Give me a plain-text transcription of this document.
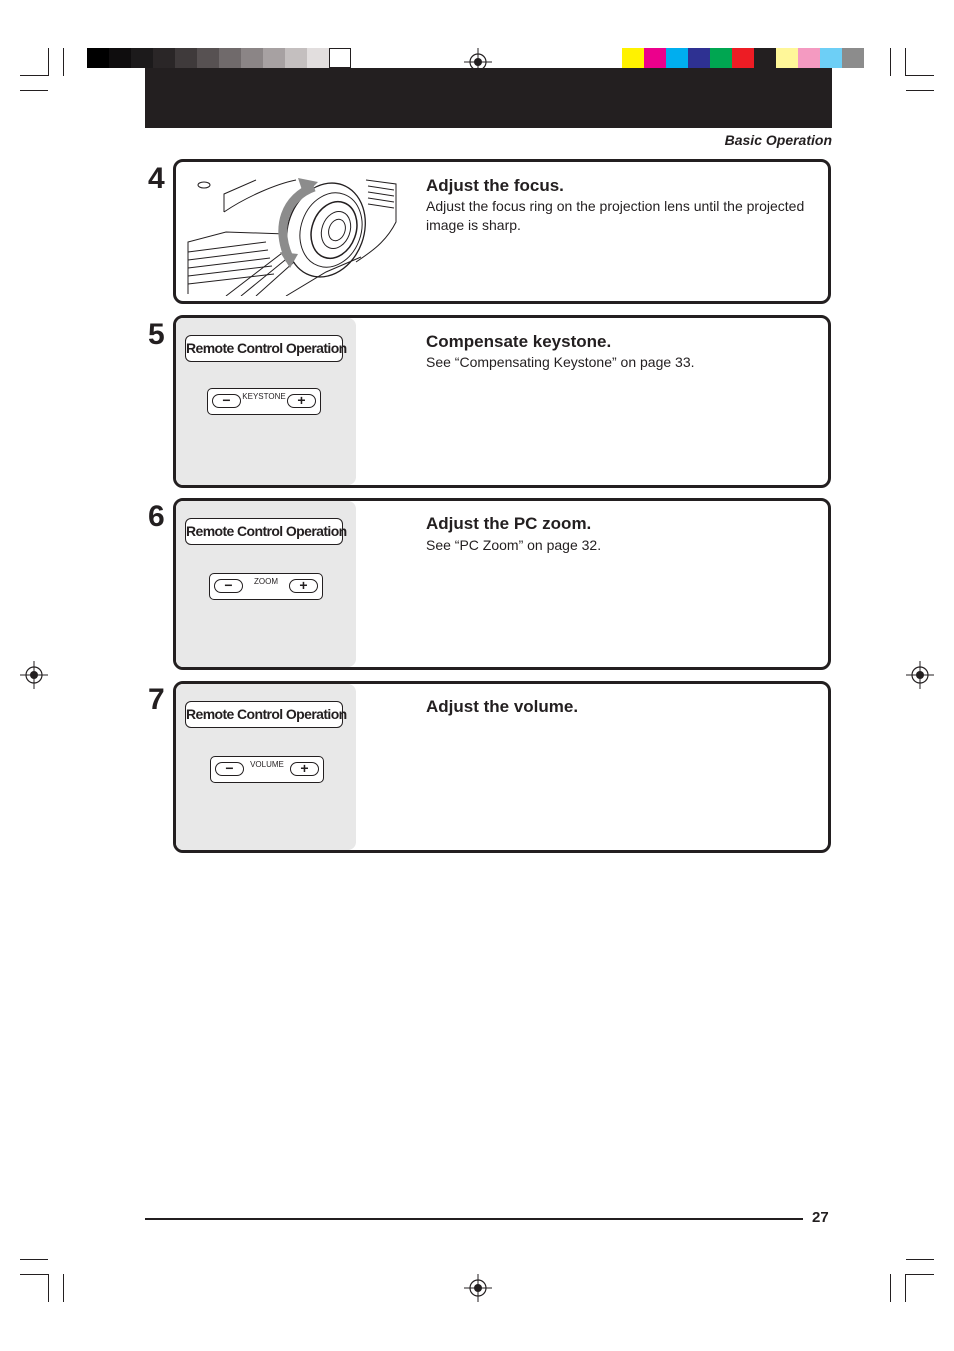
Basic Operation
4	Adjust the focus.
Adjust the focus ring on the projection lens until the projected image is sharp.
5 Remote Control Operation
KEYSTONE
−	+
Compensate keystone.
See “Compensating Keystone” on page 33.
6 Remote Control Operation
ZOOM
−	+
Adjust the PC zoom.
See “PC Zoom” on page 32.
7 Remote Control Operation
VOLUME
−	+
Adjust the volume.
27
